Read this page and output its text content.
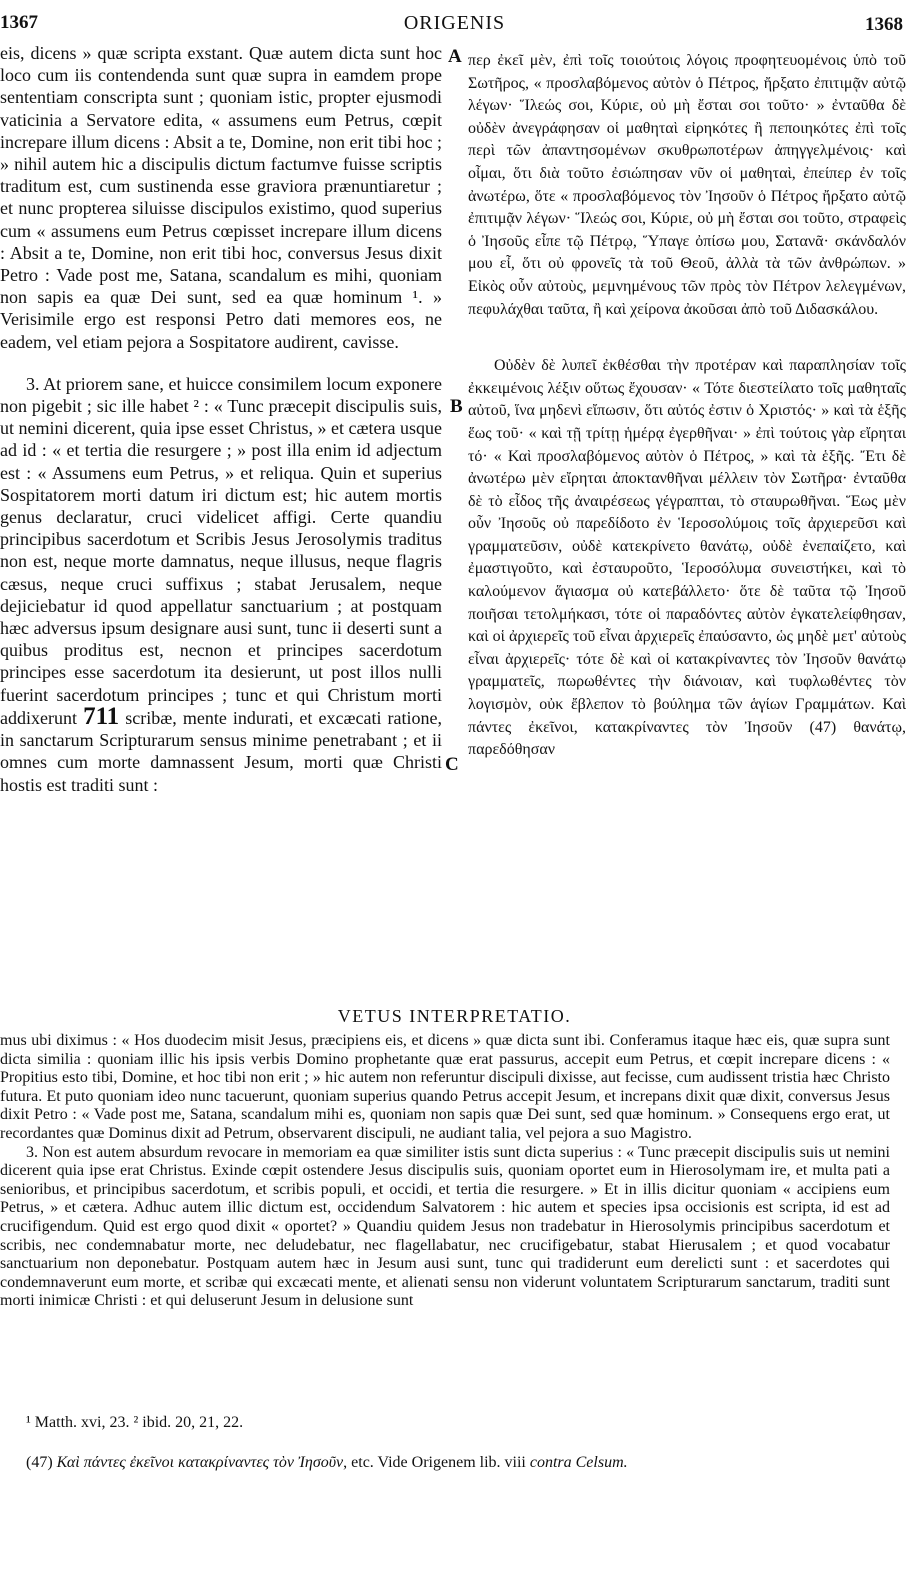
1367	ORIGENIS	1368

eis, dicens » quæ scripta exstant. Quæ autem dicta sunt hoc loco cum iis contendenda sunt quæ supra in eamdem prope sententiam conscripta sunt ; quoniam istic, propter ejusmodi vaticinia a Servatore edita, « assumens eum Petrus, cœpit increpare illum dicens : Absit a te, Domine, non erit tibi hoc ; » nihil autem hic a discipulis dictum factumve fuisse scriptis traditum est, cum sustinenda esse graviora prænuntiaretur ; et nunc propterea siluisse discipulos existimo, quod superius cum « assumens eum Petrus cœpisset increpare illum dicens : Absit a te, Domine, non erit tibi hoc, conversus Jesus dixit Petro : Vade post me, Satana, scandalum es mihi, quoniam non sapis ea quæ Dei sunt, sed ea quæ hominum ¹. » Verisimile ergo est responsi Petro dati memores eos, ne eadem, vel etiam pejora a Sospitatore audirent, cavisse.

3. At priorem sane, et huicce consimilem locum exponere non pigebit ; sic ille habet ² : « Tunc præcepit discipulis suis, ut nemini dicerent, quia ipse esset Christus, » et cætera usque ad id : « et tertia die resurgere ; » post illa enim id adjectum est : « Assumens eum Petrus, » et reliqua. Quin et superius Sospitatorem morti datum iri dictum est; hic autem mortis genus declaratur, cruci videlicet affigi. Certe quandiu principibus sacerdotum et Scribis Jesus Jerosolymis traditus non est, neque morte damnatus, neque illusus, neque flagris cæsus, neque cruci suffixus ; stabat Jerusalem, neque dejiciebatur id quod appellatur sanctuarium ; at postquam hæc adversus ipsum designare ausi sunt, tunc ii deserti sunt a quibus proditus est, necnon et principes sacerdotum principes esse sacerdotum ita desierunt, ut post illos nulli fuerint sacerdotum principes ; tunc et qui Christum morti addixerunt 711 scribæ, mente indurati, et excæcati ratione, in sanctarum Scripturarum sensus minime penetrabant ; et ii omnes cum morte damnassent Jesum, morti quæ Christi hostis est traditi sunt :

A
B
C

περ ἐκεῖ μὲν, ἐπὶ τοῖς τοιούτοις λόγοις προφητευομένοις ὑπὸ τοῦ Σωτῆρος, « προσλαβόμενος αὐτὸν ὁ Πέτρος, ἤρξατο ἐπιτιμᾷν αὐτῷ λέγων· Ἵλεώς σοι, Κύριε, οὐ μὴ ἔσται σοι τοῦτο· » ἐνταῦθα δὲ οὐδὲν ἀνεγράφησαν οἱ μαθηταὶ εἰρηκότες ἢ πεποιηκότες ἐπὶ τοῖς περὶ τῶν ἀπαντησομένων σκυθρωποτέρων ἀπηγγελμένοις· καὶ οἶμαι, ὅτι διὰ τοῦτο ἐσιώπησαν νῦν οἱ μαθηταὶ, ἐπείπερ ἐν τοῖς ἀνωτέρω, ὅτε « προσλαβόμενος τὸν Ἰησοῦν ὁ Πέτρος ἤρξατο αὐτῷ ἐπιτιμᾷν λέγων· Ἵλεώς σοι, Κύριε, οὐ μὴ ἔσται σοι τοῦτο, στραφεὶς ὁ Ἰησοῦς εἶπε τῷ Πέτρῳ, Ὕπαγε ὀπίσω μου, Σατανᾶ· σκάνδαλόν μου εἶ, ὅτι οὐ φρονεῖς τὰ τοῦ Θεοῦ, ἀλλὰ τὰ τῶν ἀνθρώπων. » Εἰκὸς οὖν αὐτοὺς, μεμνημένους τῶν πρὸς τὸν Πέτρον λελεγμένων, πεφυλάχθαι ταῦτα, ἢ καὶ χείρονα ἀκοῦσαι ἀπὸ τοῦ Διδασκάλου.

Οὐδὲν δὲ λυπεῖ ἐκθέσθαι τὴν προτέραν καὶ παραπλησίαν τοῖς ἐκκειμένοις λέξιν οὕτως ἔχουσαν· « Τότε διεστείλατο τοῖς μαθηταῖς αὐτοῦ, ἵνα μηδενὶ εἴπωσιν, ὅτι αὐτός ἐστιν ὁ Χριστός· » καὶ τὰ ἑξῆς ἕως τοῦ· « καὶ τῇ τρίτῃ ἡμέρᾳ ἐγερθῆναι· » ἐπὶ τούτοις γὰρ εἴρηται τό· « Καὶ προσλαβόμενος αὐτὸν ὁ Πέτρος, » καὶ τὰ ἑξῆς. Ἔτι δὲ ἀνωτέρω μὲν εἴρηται ἀποκτανθῆναι μέλλειν τὸν Σωτῆρα· ἐνταῦθα δὲ τὸ εἶδος τῆς ἀναιρέσεως γέγραπται, τὸ σταυρωθῆναι. Ἕως μὲν οὖν Ἰησοῦς οὐ παρεδίδοτο ἐν Ἱεροσολύμοις τοῖς ἀρχιερεῦσι καὶ γραμματεῦσιν, οὐδὲ κατεκρίνετο θανάτῳ, οὐδὲ ἐνεπαίζετο, καὶ ἐμαστιγοῦτο, καὶ ἐσταυροῦτο, Ἱεροσόλυμα συνειστήκει, καὶ τὸ καλούμενον ἅγιασμα οὐ κατεβάλλετο· ὅτε δὲ ταῦτα τῷ Ἰησοῦ ποιῆσαι τετολμήκασι, τότε οἱ παραδόντες αὐτὸν ἐγκατελείφθησαν, καὶ οἱ ἀρχιερεῖς τοῦ εἶναι ἀρχιερεῖς ἐπαύσαντο, ὡς μηδὲ μετ' αὐτοὺς εἶναι ἀρχιερεῖς· τότε δὲ καὶ οἱ κατακρίναντες τὸν Ἰησοῦν θανάτῳ γραμματεῖς, πωρωθέντες τὴν διάνοιαν, καὶ τυφλωθέντες τὸν λογισμὸν, οὐκ ἔβλεπον τὸ βούλημα τῶν ἁγίων Γραμμάτων. Καὶ πάντες ἐκεῖνοι, κατακρίναντες τὸν Ἰησοῦν (47) θανάτῳ, παρεδόθησαν

VETUS INTERPRETATIO.

mus ubi diximus : « Hos duodecim misit Jesus, præcipiens eis, et dicens » quæ dicta sunt ibi. Conferamus itaque hæc eis, quæ supra sunt dicta similia : quoniam illic his ipsis verbis Domino prophetante quæ erat passurus, accepit eum Petrus, et cœpit increpare dicens : « Propitius esto tibi, Domine, et hoc tibi non erit ; » hic autem non referuntur discipuli dixisse, aut fecisse, cum audissent tristia hæc Christo futura. Et puto quoniam ideo nunc tacuerunt, quoniam superius quando Petrus accepit Jesum, et increpans dixit quæ dixit, conversus Jesus dixit Petro : « Vade post me, Satana, scandalum mihi es, quoniam non sapis quæ Dei sunt, sed quæ hominum. » Consequens ergo erat, ut recordantes quæ Dominus dixit ad Petrum, observarent discipuli, ne audiant talia, vel pejora a suo Magistro.

3. Non est autem absurdum revocare in memoriam ea quæ similiter istis sunt dicta superius : « Tunc præcepit discipulis suis ut nemini dicerent quia ipse erat Christus. Exinde cœpit ostendere Jesus discipulis suis, quoniam oportet eum in Hierosolymam ire, et multa pati a senioribus, et principibus sacerdotum, et scribis populi, et occidi, et tertia die resurgere. » Et in illis dicitur quoniam « accipiens eum Petrus, » et cætera. Adhuc autem illic dictum est, occidendum Salvatorem : hic autem et species ipsa occisionis est scripta, id est ad crucifigendum. Quid est ergo quod dixit « oportet? » Quandiu quidem Jesus non tradebatur in Hierosolymis principibus sacerdotum et scribis, nec condemnabatur morte, nec deludebatur, nec flagellabatur, nec crucifigebatur, stabat Hierusalem ; et quod vocabatur sanctuarium non deponebatur. Postquam autem hæc in Jesum ausi sunt, tunc qui tradiderunt eum derelicti sunt : et sacerdotes qui condemnaverunt eum morte, et scribæ qui excæcati mente, et alienati sensu non viderunt voluntatem Scripturarum sanctarum, traditi sunt morti inimicæ Christi : et qui deluserunt Jesum in delusione sunt

¹ Matth. xvi, 23. ² ibid. 20, 21, 22.

(47) Καὶ πάντες ἐκεῖνοι κατακρίναντες τὸν Ἰησοῦν, etc. Vide Origenem lib. viii contra Celsum.
